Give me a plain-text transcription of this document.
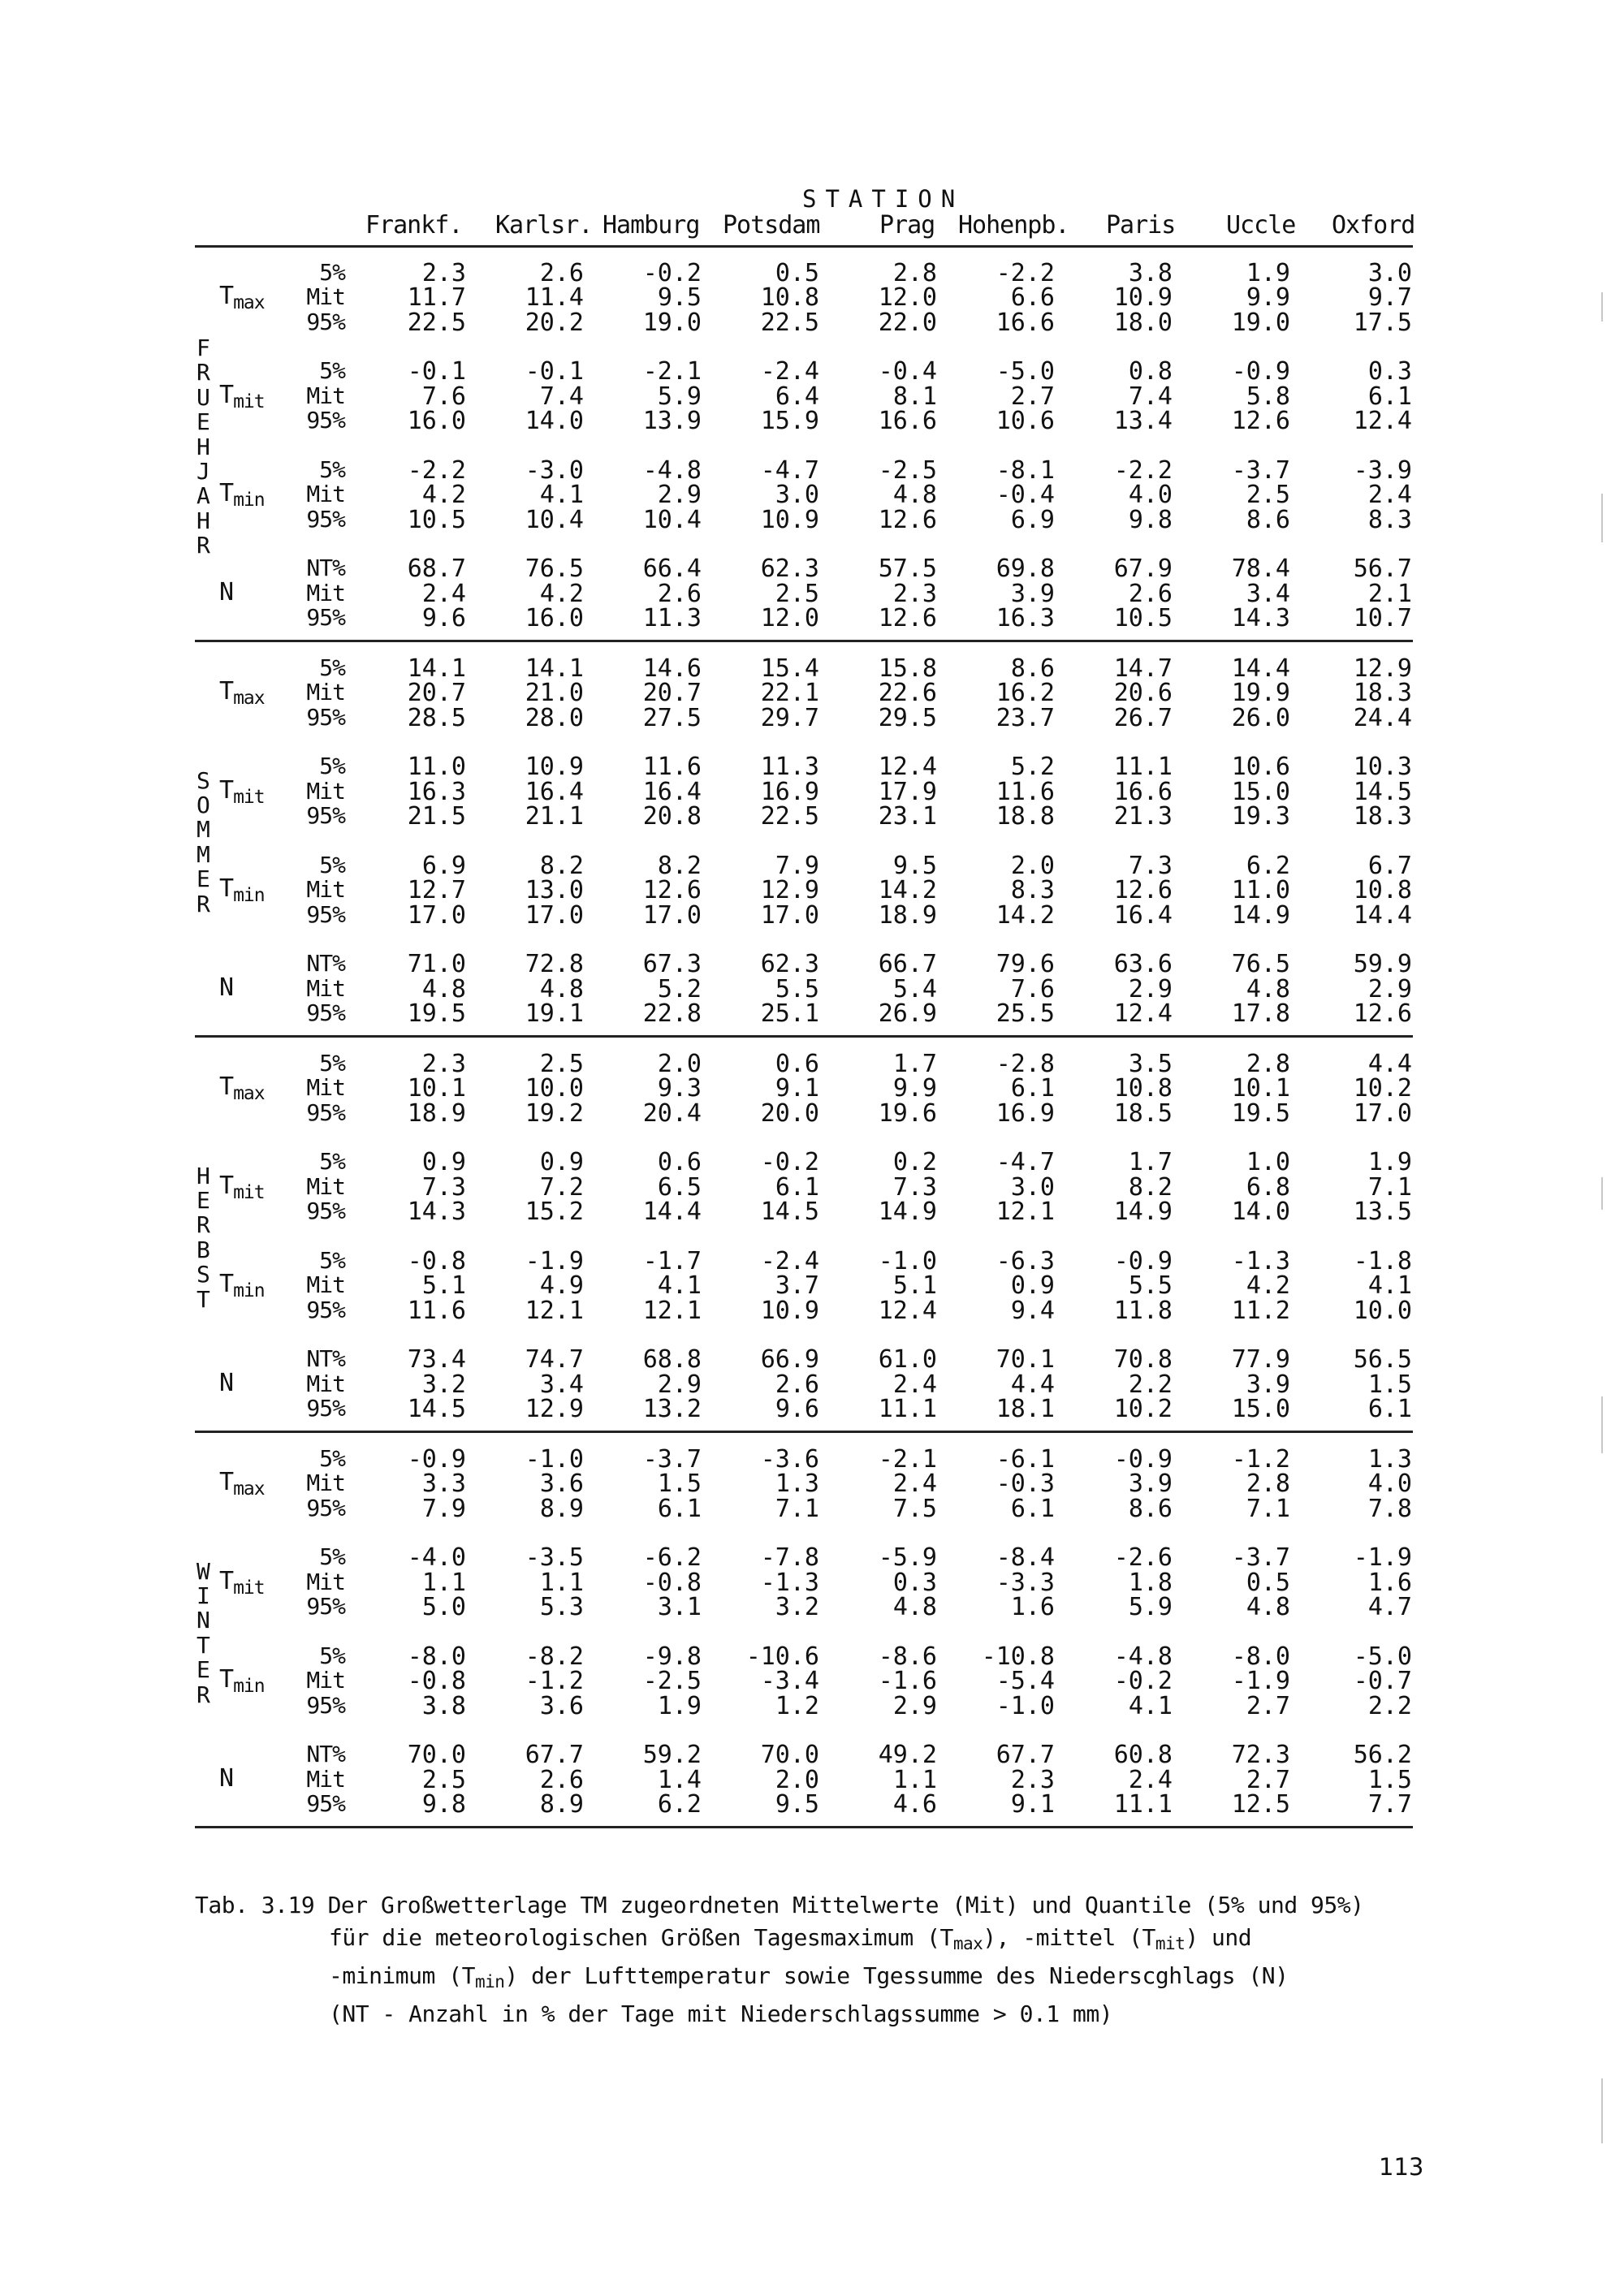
STATION
Frankf. Karlsr. Hamburg Potsdam Prag Hohenpb. Paris Uccle Oxford
$T_{max}$
5%	2.3	2.6	-0.2	0.5	2.8	-2.2	3.8	1.9	3.0
Mit	11.7	11.4	9.5	10.8	12.0	6.6	10.9	9.9	9.7
95%	22.5	20.2	19.0	22.5	22.0	16.6	18.0	19.0	17.5
$T_{mit}$
5%	-0.1	-0.1	-2.1	-2.4	-0.4	-5.0	0.8	-0.9	0.3
Mit	7.6	7.4	5.9	6.4	8.1	2.7	7.4	5.8	6.1
95%	16.0	14.0	13.9	15.9	16.6	10.6	13.4	12.6	12.4
$T_{min}$
5%	-2.2	-3.0	-4.8	-4.7	-2.5	-8.1	-2.2	-3.7	-3.9
Mit	4.2	4.1	2.9	3.0	4.8	-0.4	4.0	2.5	2.4
95%	10.5	10.4	10.4	10.9	12.6	6.9	9.8	8.6	8.3
N
NT%	68.7	76.5	66.4	62.3	57.5	69.8	67.9	78.4	56.7
Mit	2.4	4.2	2.6	2.5	2.3	3.9	2.6	3.4	2.1
95%	9.6	16.0	11.3	12.0	12.6	16.3	10.5	14.3	10.7
F
R
U
E
H
J
A
H
R
$T_{max}$
5%	14.1	14.1	14.6	15.4	15.8	8.6	14.7	14.4	12.9
Mit	20.7	21.0	20.7	22.1	22.6	16.2	20.6	19.9	18.3
95%	28.5	28.0	27.5	29.7	29.5	23.7	26.7	26.0	24.4
$T_{mit}$
5%	11.0	10.9	11.6	11.3	12.4	5.2	11.1	10.6	10.3
Mit	16.3	16.4	16.4	16.9	17.9	11.6	16.6	15.0	14.5
95%	21.5	21.1	20.8	22.5	23.1	18.8	21.3	19.3	18.3
$T_{min}$
5%	6.9	8.2	8.2	7.9	9.5	2.0	7.3	6.2	6.7
Mit	12.7	13.0	12.6	12.9	14.2	8.3	12.6	11.0	10.8
95%	17.0	17.0	17.0	17.0	18.9	14.2	16.4	14.9	14.4
N
NT%	71.0	72.8	67.3	62.3	66.7	79.6	63.6	76.5	59.9
Mit	4.8	4.8	5.2	5.5	5.4	7.6	2.9	4.8	2.9
95%	19.5	19.1	22.8	25.1	26.9	25.5	12.4	17.8	12.6
S
O
M
M
E
R
$T_{max}$
5%	2.3	2.5	2.0	0.6	1.7	-2.8	3.5	2.8	4.4
Mit	10.1	10.0	9.3	9.1	9.9	6.1	10.8	10.1	10.2
95%	18.9	19.2	20.4	20.0	19.6	16.9	18.5	19.5	17.0
$T_{mit}$
5%	0.9	0.9	0.6	-0.2	0.2	-4.7	1.7	1.0	1.9
Mit	7.3	7.2	6.5	6.1	7.3	3.0	8.2	6.8	7.1
95%	14.3	15.2	14.4	14.5	14.9	12.1	14.9	14.0	13.5
$T_{min}$
5%	-0.8	-1.9	-1.7	-2.4	-1.0	-6.3	-0.9	-1.3	-1.8
Mit	5.1	4.9	4.1	3.7	5.1	0.9	5.5	4.2	4.1
95%	11.6	12.1	12.1	10.9	12.4	9.4	11.8	11.2	10.0
N
NT%	73.4	74.7	68.8	66.9	61.0	70.1	70.8	77.9	56.5
Mit	3.2	3.4	2.9	2.6	2.4	4.4	2.2	3.9	1.5
95%	14.5	12.9	13.2	9.6	11.1	18.1	10.2	15.0	6.1
H
E
R
B
S
T
$T_{max}$
5%	-0.9	-1.0	-3.7	-3.6	-2.1	-6.1	-0.9	-1.2	1.3
Mit	3.3	3.6	1.5	1.3	2.4	-0.3	3.9	2.8	4.0
95%	7.9	8.9	6.1	7.1	7.5	6.1	8.6	7.1	7.8
$T_{mit}$
5%	-4.0	-3.5	-6.2	-7.8	-5.9	-8.4	-2.6	-3.7	-1.9
Mit	1.1	1.1	-0.8	-1.3	0.3	-3.3	1.8	0.5	1.6
95%	5.0	5.3	3.1	3.2	4.8	1.6	5.9	4.8	4.7
$T_{min}$
5%	-8.0	-8.2	-9.8	-10.6	-8.6	-10.8	-4.8	-8.0	-5.0
Mit	-0.8	-1.2	-2.5	-3.4	-1.6	-5.4	-0.2	-1.9	-0.7
95%	3.8	3.6	1.9	1.2	2.9	-1.0	4.1	2.7	2.2
N
NT%	70.0	67.7	59.2	70.0	49.2	67.7	60.8	72.3	56.2
Mit	2.5	2.6	1.4	2.0	1.1	2.3	2.4	2.7	1.5
95%	9.8	8.9	6.2	9.5	4.6	9.1	11.1	12.5	7.7
W
I
N
T
E
R
Tab. 3.19 Der Großwetterlage TM zugeordneten Mittelwerte (Mit) und Quantile (5% und 95%)
für die meteorologischen Größen Tagesmaximum $(T_{max})$, -mittel $(T_{mit})$ und
-minimum $(T_{min})$ der Lufttemperatur sowie Tgessumme des Niederscghlags (N)
(NT - Anzahl in % der Tage mit Niederschlagssumme > 0.1 mm)
113
